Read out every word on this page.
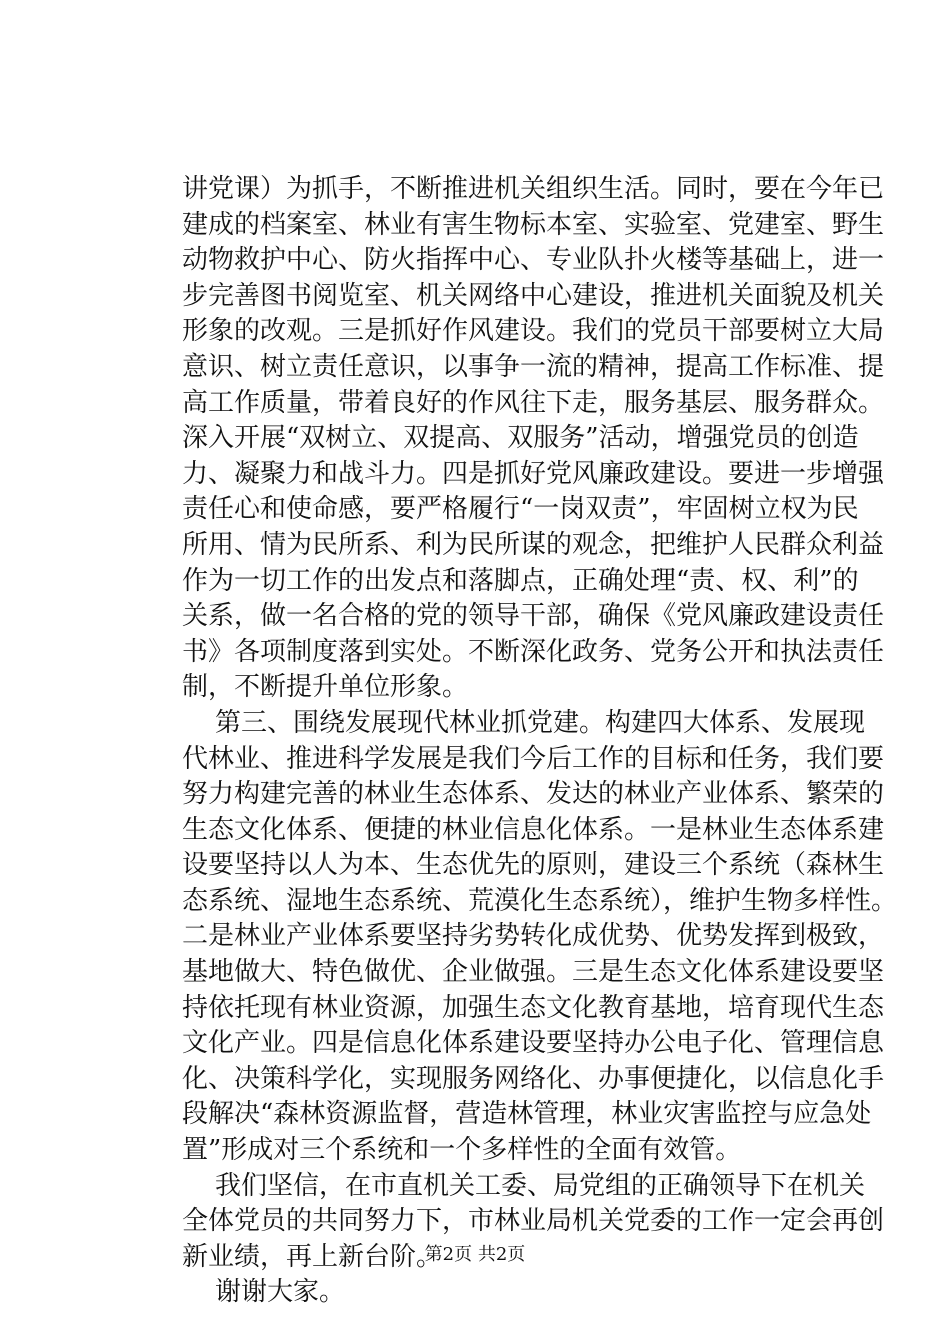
讲党课）为抓手，不断推进机关组织生活。同时，要在今年已
建成的档案室、林业有害生物标本室、实验室、党建室、野生
动物救护中心、防火指挥中心、专业队扑火楼等基础上，进一
步完善图书阅览室、机关网络中心建设，推进机关面貌及机关
形象的改观。三是抓好作风建设。我们的党员干部要树立大局
意识、树立责任意识，以事争一流的精神，提高工作标准、提
高工作质量，带着良好的作风往下走，服务基层、服务群众。
深入开展“双树立、双提高、双服务”活动，增强党员的创造
力、凝聚力和战斗力。四是抓好党风廉政建设。要进一步增强
责任心和使命感，要严格履行“一岗双责”，牢固树立权为民
所用、情为民所系、利为民所谋的观念，把维护人民群众利益
作为一切工作的出发点和落脚点，正确处理“责、权、利”的
关系，做一名合格的党的领导干部，确保《党风廉政建设责任
书》各项制度落到实处。不断深化政务、党务公开和执法责任
制，不断提升单位形象。

第三、围绕发展现代林业抓党建。构建四大体系、发展现
代林业、推进科学发展是我们今后工作的目标和任务，我们要
努力构建完善的林业生态体系、发达的林业产业体系、繁荣的
生态文化体系、便捷的林业信息化体系。一是林业生态体系建
设要坚持以人为本、生态优先的原则，建设三个系统（森林生
态系统、湿地生态系统、荒漠化生态系统），维护生物多样性。
二是林业产业体系要坚持劣势转化成优势、优势发挥到极致，
基地做大、特色做优、企业做强。三是生态文化体系建设要坚
持依托现有林业资源，加强生态文化教育基地，培育现代生态
文化产业。四是信息化体系建设要坚持办公电子化、管理信息
化、决策科学化，实现服务网络化、办事便捷化，以信息化手
段解决“森林资源监督，营造林管理，林业灾害监控与应急处
置”形成对三个系统和一个多样性的全面有效管。

我们坚信，在市直机关工委、局党组的正确领导下在机关
全体党员的共同努力下，市林业局机关党委的工作一定会再创
新业绩，再上新台阶。

谢谢大家。

第2页 共2页
